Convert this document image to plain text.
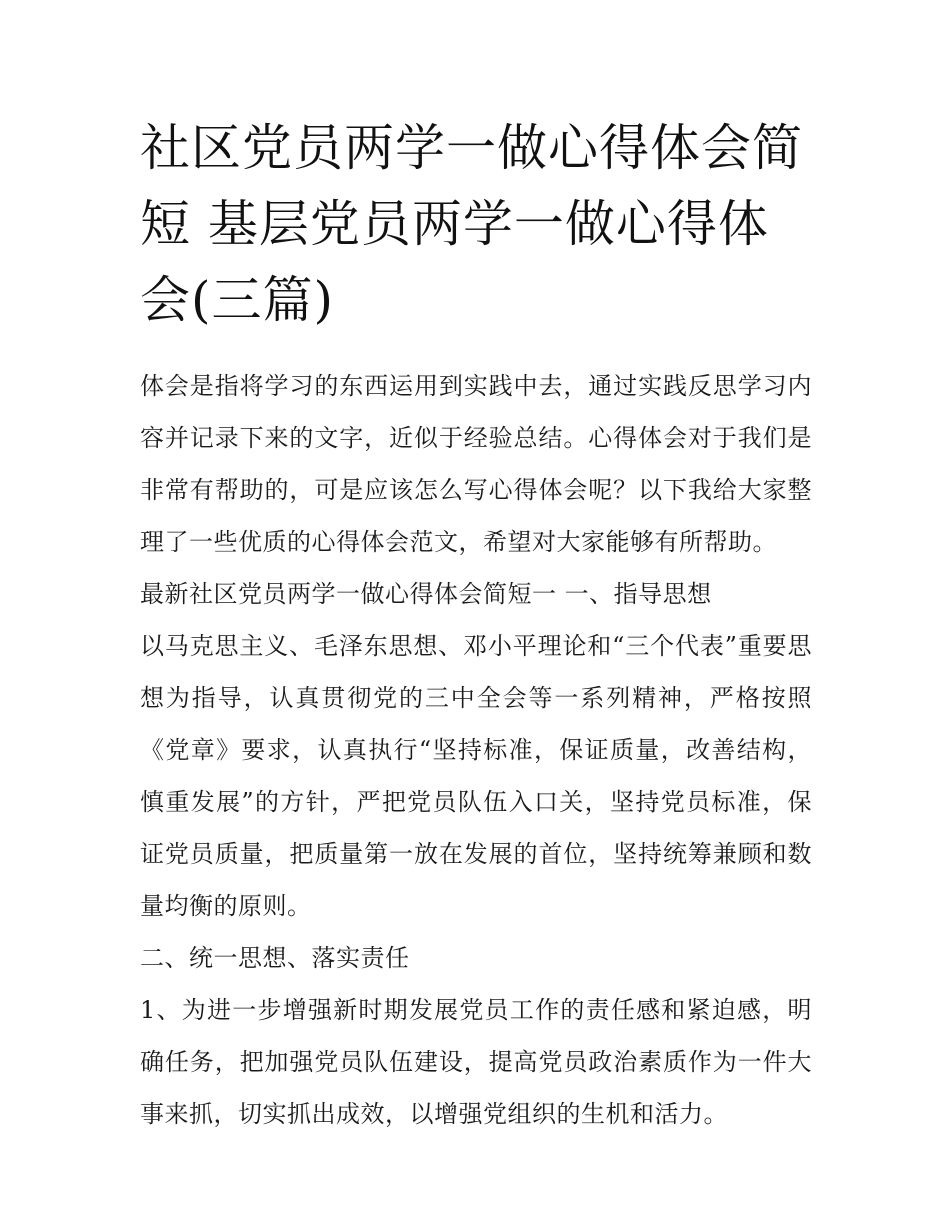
社区党员两学一做心得体会简短 基层党员两学一做心得体会(三篇)

体会是指将学习的东西运用到实践中去，通过实践反思学习内容并记录下来的文字，近似于经验总结。心得体会对于我们是非常有帮助的，可是应该怎么写心得体会呢？以下我给大家整理了一些优质的心得体会范文，希望对大家能够有所帮助。

最新社区党员两学一做心得体会简短一 一、指导思想

以马克思主义、毛泽东思想、邓小平理论和“三个代表”重要思想为指导，认真贯彻党的三中全会等一系列精神，严格按照《党章》要求，认真执行“坚持标准，保证质量，改善结构，慎重发展”的方针，严把党员队伍入口关，坚持党员标准，保证党员质量，把质量第一放在发展的首位，坚持统筹兼顾和数量均衡的原则。

二、统一思想、落实责任

1、为进一步增强新时期发展党员工作的责任感和紧迫感，明确任务，把加强党员队伍建设，提高党员政治素质作为一件大事来抓，切实抓出成效，以增强党组织的生机和活力。
